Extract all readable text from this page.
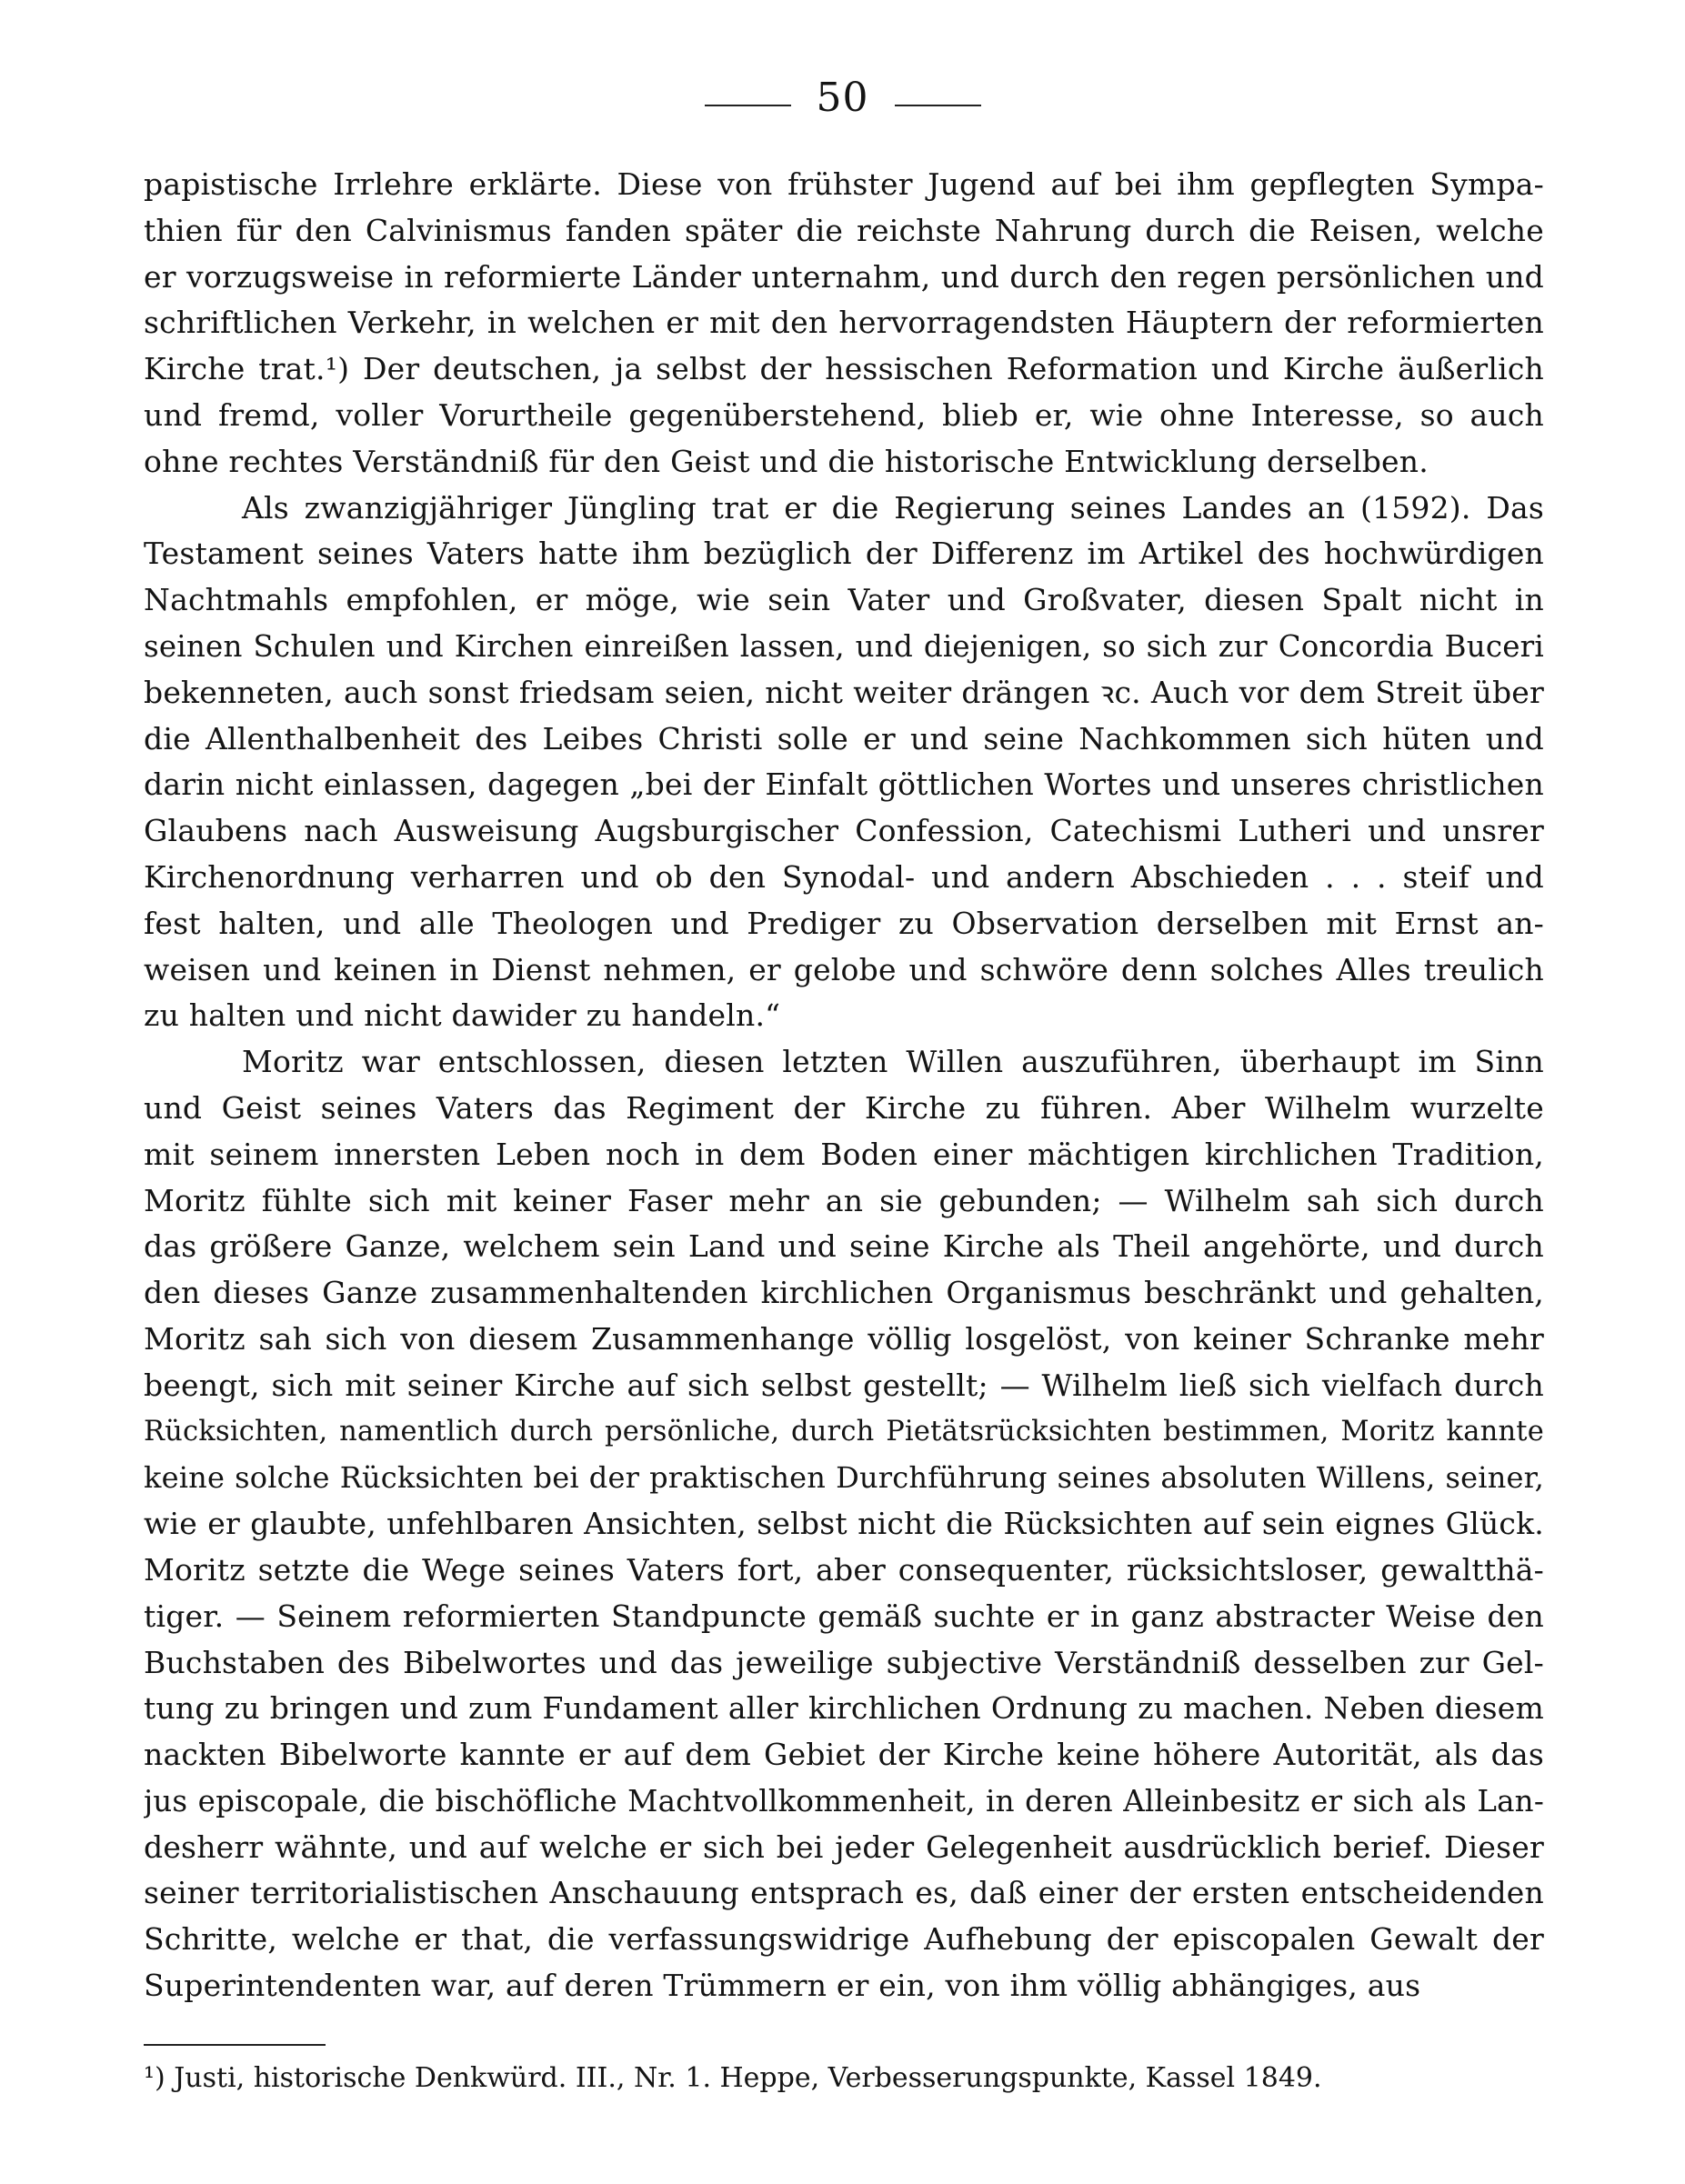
50
papistische Irrlehre erklärte. Diese von frühster Jugend auf bei ihm gepflegten Sympa-
thien für den Calvinismus fanden später die reichste Nahrung durch die Reisen, welche
er vorzugsweise in reformierte Länder unternahm, und durch den regen persönlichen und
schriftlichen Verkehr, in welchen er mit den hervorragendsten Häuptern der reformierten
Kirche trat.¹) Der deutschen, ja selbst der hessischen Reformation und Kirche äußerlich
und fremd, voller Vorurtheile gegenüberstehend, blieb er, wie ohne Interesse, so auch
ohne rechtes Verständniß für den Geist und die historische Entwicklung derselben.
Als zwanzigjähriger Jüngling trat er die Regierung seines Landes an (1592). Das
Testament seines Vaters hatte ihm bezüglich der Differenz im Artikel des hochwürdigen
Nachtmahls empfohlen, er möge, wie sein Vater und Großvater, diesen Spalt nicht in
seinen Schulen und Kirchen einreißen lassen, und diejenigen, so sich zur Concordia Buceri
bekenneten, auch sonst friedsam seien, nicht weiter drängen ꝛc. Auch vor dem Streit über
die Allenthalbenheit des Leibes Christi solle er und seine Nachkommen sich hüten und
darin nicht einlassen, dagegen „bei der Einfalt göttlichen Wortes und unseres christlichen
Glaubens nach Ausweisung Augsburgischer Confession, Catechismi Lutheri und unsrer
Kirchenordnung verharren und ob den Synodal- und andern Abschieden . . . steif und
fest halten, und alle Theologen und Prediger zu Observation derselben mit Ernst an-
weisen und keinen in Dienst nehmen, er gelobe und schwöre denn solches Alles treulich
zu halten und nicht dawider zu handeln.“
Moritz war entschlossen, diesen letzten Willen auszuführen, überhaupt im Sinn
und Geist seines Vaters das Regiment der Kirche zu führen. Aber Wilhelm wurzelte
mit seinem innersten Leben noch in dem Boden einer mächtigen kirchlichen Tradition,
Moritz fühlte sich mit keiner Faser mehr an sie gebunden; — Wilhelm sah sich durch
das größere Ganze, welchem sein Land und seine Kirche als Theil angehörte, und durch
den dieses Ganze zusammenhaltenden kirchlichen Organismus beschränkt und gehalten,
Moritz sah sich von diesem Zusammenhange völlig losgelöst, von keiner Schranke mehr
beengt, sich mit seiner Kirche auf sich selbst gestellt; — Wilhelm ließ sich vielfach durch
Rücksichten, namentlich durch persönliche, durch Pietätsrücksichten bestimmen, Moritz kannte
keine solche Rücksichten bei der praktischen Durchführung seines absoluten Willens, seiner,
wie er glaubte, unfehlbaren Ansichten, selbst nicht die Rücksichten auf sein eignes Glück.
Moritz setzte die Wege seines Vaters fort, aber consequenter, rücksichtsloser, gewaltthä-
tiger. — Seinem reformierten Standpuncte gemäß suchte er in ganz abstracter Weise den
Buchstaben des Bibelwortes und das jeweilige subjective Verständniß desselben zur Gel-
tung zu bringen und zum Fundament aller kirchlichen Ordnung zu machen. Neben diesem
nackten Bibelworte kannte er auf dem Gebiet der Kirche keine höhere Autorität, als das
jus episcopale, die bischöfliche Machtvollkommenheit, in deren Alleinbesitz er sich als Lan-
desherr wähnte, und auf welche er sich bei jeder Gelegenheit ausdrücklich berief. Dieser
seiner territorialistischen Anschauung entsprach es, daß einer der ersten entscheidenden
Schritte, welche er that, die verfassungswidrige Aufhebung der episcopalen Gewalt der
Superintendenten war, auf deren Trümmern er ein, von ihm völlig abhängiges, aus
¹) Justi, historische Denkwürd. III., Nr. 1. Heppe, Verbesserungspunkte, Kassel 1849.
